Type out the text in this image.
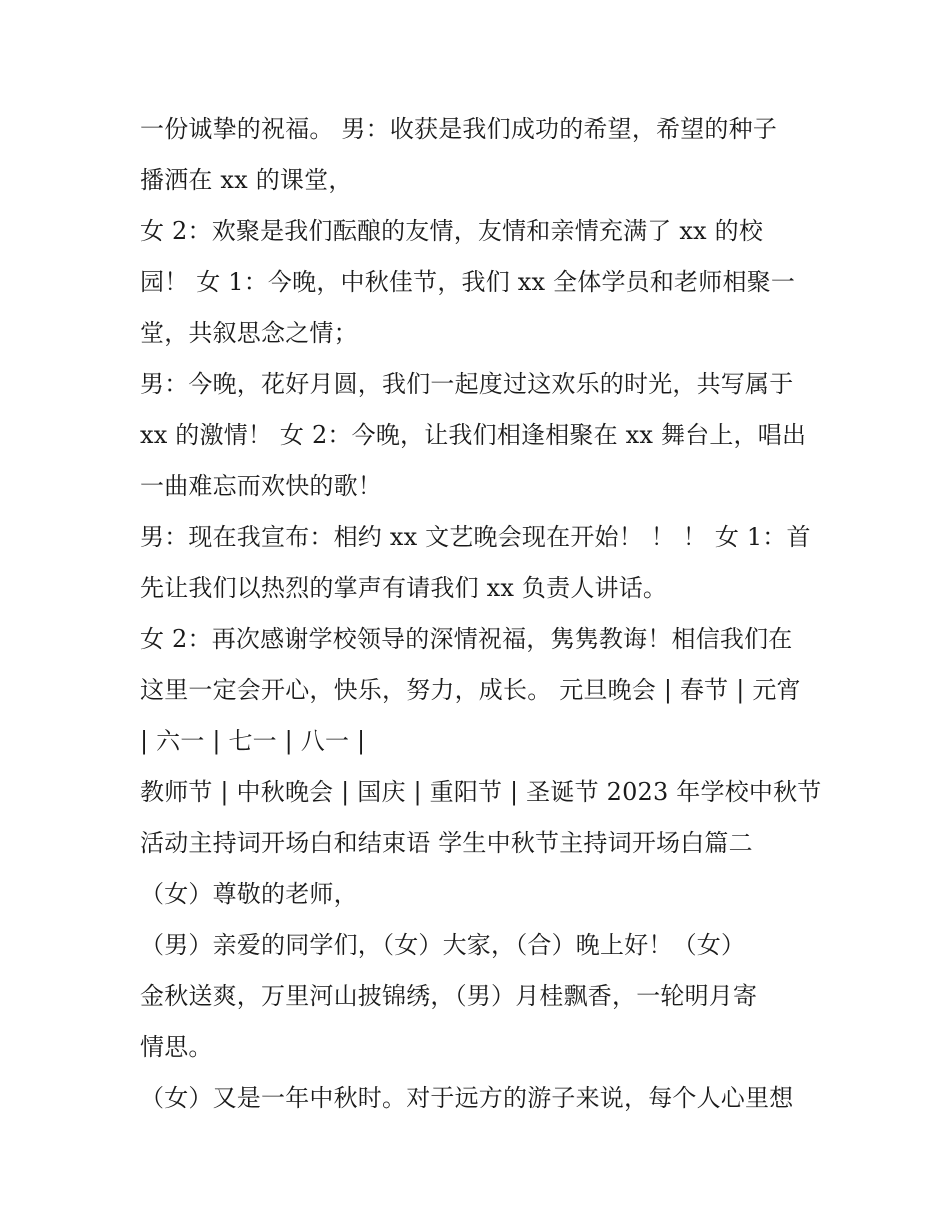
一份诚挚的祝福。 男：收获是我们成功的希望，希望的种子
播洒在 xx 的课堂，
女 2：欢聚是我们酝酿的友情，友情和亲情充满了 xx 的校
园！ 女 1：今晚，中秋佳节，我们 xx 全体学员和老师相聚一
堂，共叙思念之情；
男：今晚，花好月圆，我们一起度过这欢乐的时光，共写属于
xx 的激情！ 女 2：今晚，让我们相逢相聚在 xx 舞台上，唱出
一曲难忘而欢快的歌！
男：现在我宣布：相约 xx 文艺晚会现在开始！ ！ ！ 女 1：首
先让我们以热烈的掌声有请我们 xx 负责人讲话。
女 2：再次感谢学校领导的深情祝福，隽隽教诲！相信我们在
这里一定会开心，快乐，努力，成长。 元旦晚会 | 春节 | 元宵
| 六一 | 七一 | 八一 |
教师节 | 中秋晚会 | 国庆 | 重阳节 | 圣诞节 2023 年学校中秋节
活动主持词开场白和结束语 学生中秋节主持词开场白篇二
（女）尊敬的老师，
（男）亲爱的同学们，（女）大家，（合）晚上好！（女）
金秋送爽，万里河山披锦绣，（男）月桂飘香，一轮明月寄
情思。
（女）又是一年中秋时。对于远方的游子来说，每个人心里想
